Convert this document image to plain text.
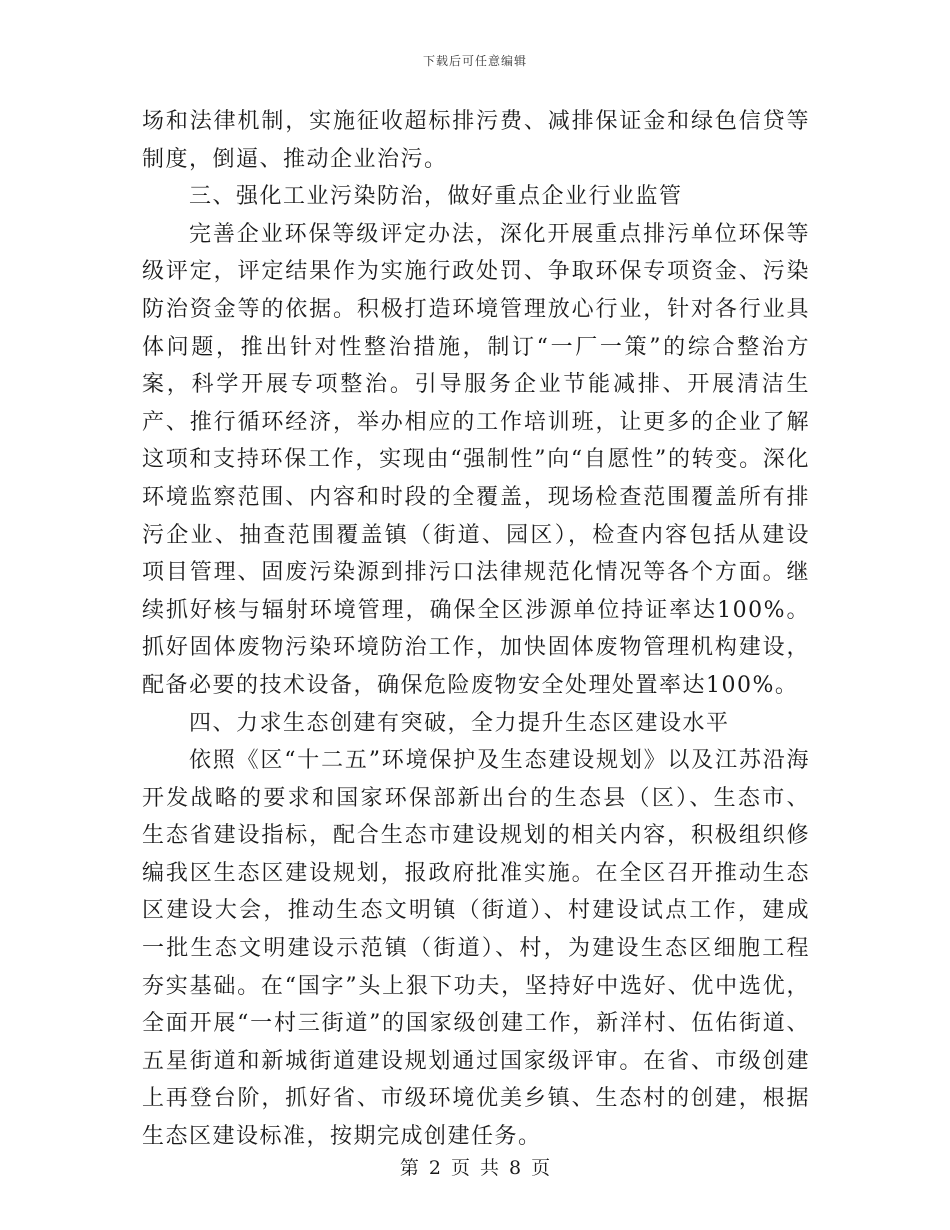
下载后可任意编辑

场和法律机制，实施征收超标排污费、减排保证金和绿色信贷等制度，倒逼、推动企业治污。

三、强化工业污染防治，做好重点企业行业监管

完善企业环保等级评定办法，深化开展重点排污单位环保等级评定，评定结果作为实施行政处罚、争取环保专项资金、污染防治资金等的依据。积极打造环境管理放心行业，针对各行业具体问题，推出针对性整治措施，制订“一厂一策”的综合整治方案，科学开展专项整治。引导服务企业节能减排、开展清洁生产、推行循环经济，举办相应的工作培训班，让更多的企业了解这项和支持环保工作，实现由“强制性”向“自愿性”的转变。深化环境监察范围、内容和时段的全覆盖，现场检查范围覆盖所有排污企业、抽查范围覆盖镇（街道、园区），检查内容包括从建设项目管理、固废污染源到排污口法律规范化情况等各个方面。继续抓好核与辐射环境管理，确保全区涉源单位持证率达100%。抓好固体废物污染环境防治工作，加快固体废物管理机构建设，配备必要的技术设备，确保危险废物安全处理处置率达100%。

四、力求生态创建有突破，全力提升生态区建设水平

依照《区“十二五”环境保护及生态建设规划》以及江苏沿海开发战略的要求和国家环保部新出台的生态县（区）、生态市、生态省建设指标，配合生态市建设规划的相关内容，积极组织修编我区生态区建设规划，报政府批准实施。在全区召开推动生态区建设大会，推动生态文明镇（街道）、村建设试点工作，建成一批生态文明建设示范镇（街道）、村，为建设生态区细胞工程夯实基础。在“国字”头上狠下功夫，坚持好中选好、优中选优，全面开展“一村三街道”的国家级创建工作，新洋村、伍佑街道、五星街道和新城街道建设规划通过国家级评审。在省、市级创建上再登台阶，抓好省、市级环境优美乡镇、生态村的创建，根据生态区建设标准，按期完成创建任务。

第 2 页 共 8 页
